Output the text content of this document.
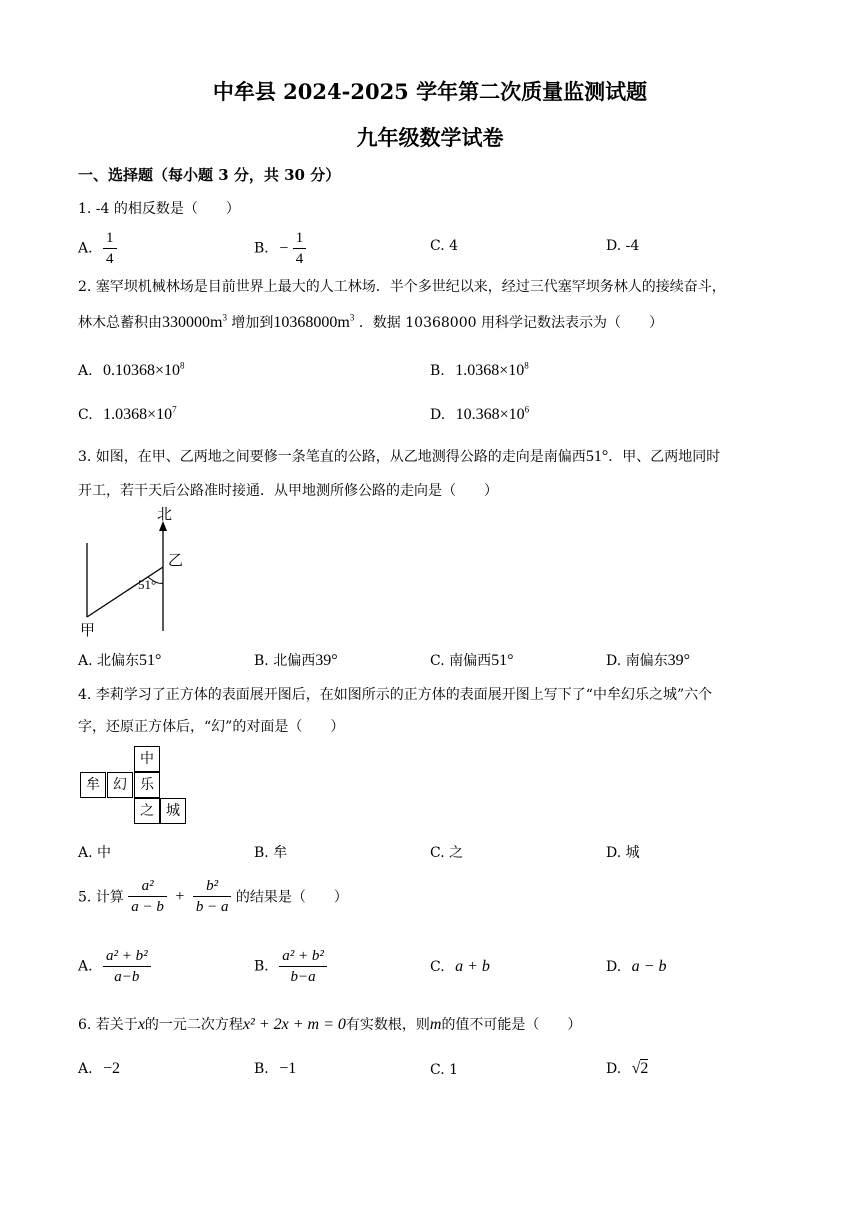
中牟县 2024-2025 学年第二次质量监测试题
九年级数学试卷
一、选择题（每小题 3 分，共 30 分）
1. -4 的相反数是（　　）
A. $\frac{1}{4}$	B. − $\frac{1}{4}$	C. 4	D. -4
2. 塞罕坝机械林场是目前世界上最大的人工林场．半个多世纪以来，经过三代塞罕坝务林人的接续奋斗，
林木总蓄积由$330000m^3$ 增加到$10368000m^3$ ．数据 10368000 用科学记数法表示为（　　）
A. $0.10368\times 10^8$	B. $1.0368\times 10^8$
C. $1.0368\times 10^7$	D. $10.368\times 10^6$
3. 如图，在甲、乙两地之间要修一条笔直的公路，从乙地测得公路的走向是南偏西51°．甲、乙两地同时
开工，若干天后公路准时接通．从甲地测所修公路的走向是（　　）
北
乙
51°
甲
A. 北偏东51°	B. 北偏西39°	C. 南偏西51°	D. 南偏东39°
4. 李莉学习了正方体的表面展开图后，在如图所示的正方体的表面展开图上写下了“中牟幻乐之城”六个
字，还原正方体后，“幻”的对面是（　　）
中
牟 幻 乐
之 城
A. 中	B. 牟	C. 之	D. 城
5. 计算 $\frac{\text{a²}}{a - b} + \frac{\text{b²}}{b - a}$ 的结果是（　　）
A. $\frac{\text{a² + b²}}{a-b}$	B. $\frac{\text{a² + b²}}{b-a}$	C. a + b	D. a − b
6. 若关于x的一元二次方程x² + 2x + m = 0有实数根，则m的值不可能是（　　）
A. −2	B. −1	C. 1	D. √2
